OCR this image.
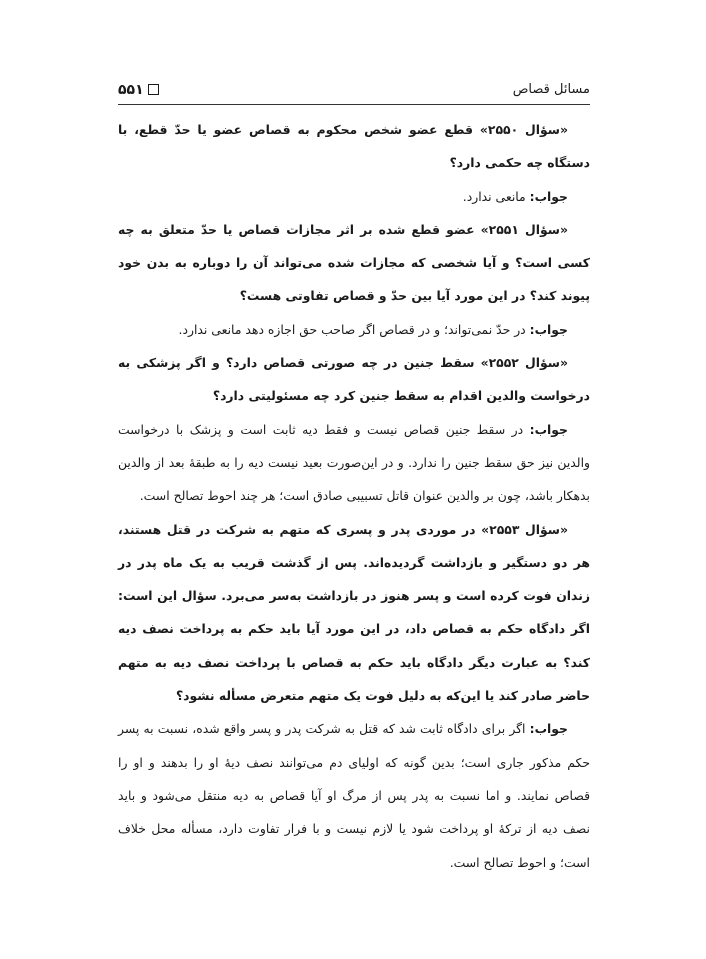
مسائل قصاص
۵۵۱

«سؤال ۲۵۵۰» قطع عضو شخص محکوم به قصاص عضو یا حدّ قطع، با دستگاه چه حکمی دارد؟

جواب: مانعی ندارد.

«سؤال ۲۵۵۱» عضو قطع شده بر اثر مجازات قصاص یا حدّ متعلق به چه کسی است؟ و آیا شخصی که مجازات شده می‌تواند آن را دوباره به بدن خود پیوند کند؟ در این مورد آیا بین حدّ و قصاص تفاوتی هست؟

جواب: در حدّ نمی‌تواند؛ و در قصاص اگر صاحب حق اجازه دهد مانعی ندارد.

«سؤال ۲۵۵۲» سقط جنین در چه صورتی قصاص دارد؟ و اگر پزشکی به درخواست والدین اقدام به سقط جنین کرد چه مسئولیتی دارد؟

جواب: در سقط جنین قصاص نیست و فقط دیه ثابت است و پزشک با درخواست والدین نیز حق سقط جنین را ندارد. و در این‌صورت بعید نیست دیه را به طبقهٔ بعد از والدین بدهکار باشد، چون بر والدین عنوان قاتل تسبیبی صادق است؛ هر چند احوط تصالح است.

«سؤال ۲۵۵۳» در موردی پدر و پسری که متهم به شرکت در قتل هستند، هر دو دستگیر و بازداشت گردیده‌اند. پس از گذشت قریب به یک ماه پدر در زندان فوت کرده است و پسر هنوز در بازداشت به‌سر می‌برد. سؤال این است: اگر دادگاه حکم به قصاص داد، در این مورد آیا باید حکم به پرداخت نصف دیه کند؟ به عبارت دیگر دادگاه باید حکم به قصاص با پرداخت نصف دیه به متهم حاضر صادر کند یا این‌که به دلیل فوت یک متهم متعرض مسأله نشود؟

جواب: اگر برای دادگاه ثابت شد که قتل به شرکت پدر و پسر واقع شده، نسبت به پسر حکم مذکور جاری است؛ بدین گونه که اولیای دم می‌توانند نصف دیهٔ او را بدهند و او را قصاص نمایند. و اما نسبت به پدر پس از مرگ او آیا قصاص به دیه منتقل می‌شود و باید نصف دیه از ترکهٔ او پرداخت شود یا لازم نیست و با فرار تفاوت دارد، مسأله محل خلاف است؛ و احوط تصالح است.
